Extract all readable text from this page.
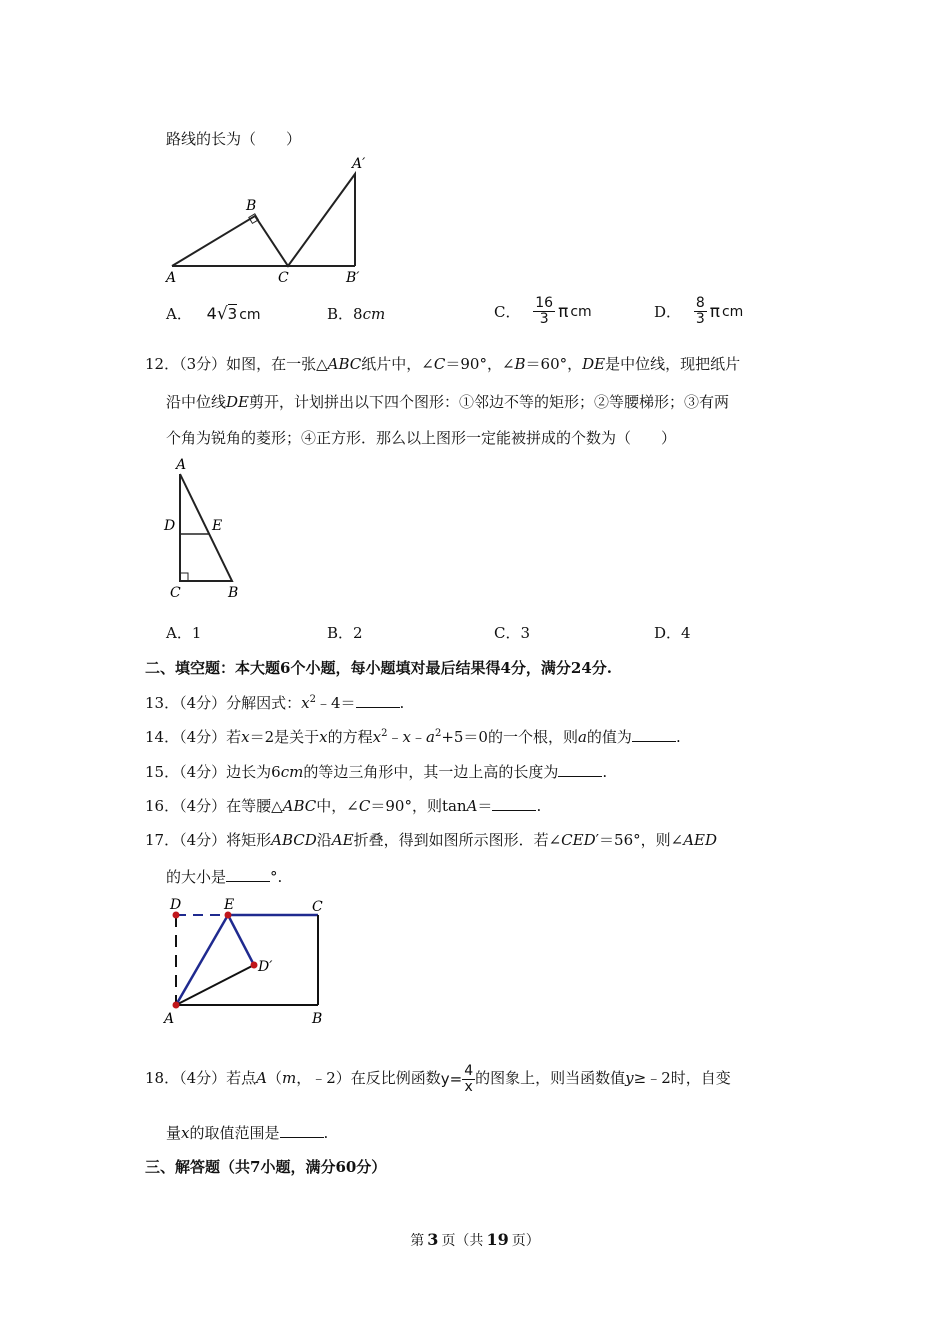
路线的长为（　　）
A
B
C
A′
B′
A． 4√3 cm	B．8cm	C． $\frac{16}{3}$ π cm	D． $\frac{8}{3}$ π cm
12．（3分）如图，在一张△ABC纸片中，∠C＝90°，∠B＝60°，DE是中位线，现把纸片
沿中位线DE剪开，计划拼出以下四个图形：①邻边不等的矩形；②等腰梯形；③有两
个角为锐角的菱形；④正方形．那么以上图形一定能被拼成的个数为（　　）
A
D	E
C	B
A．1	B．2	C．3	D．4
二、填空题：本大题6个小题，每小题填对最后结果得4分，满分24分.
13．（4分）分解因式：$x^2﹣4=$	.
14．（4分）若x＝2是关于x的方程$x^2﹣x﹣a^2+5=0$的一个根，则a的值为	.
15．（4分）边长为6cm的等边三角形中，其一边上高的长度为	.
16．（4分）在等腰△ABC中，∠C＝90°，则tanA＝	.
17．（4分）将矩形ABCD沿AE折叠，得到如图所示图形．若∠CED′＝56°，则∠AED
的大小是	°.
D	E	C
D′
A	B
18．（4分）若点A（m，﹣2）在反比例函数$y= \frac{4}{x}$ 的图象上，则当函数值y≥﹣2时，自变
量x的取值范围是	.
三、解答题（共7小题，满分60分）
第 3 页（共 19 页）
